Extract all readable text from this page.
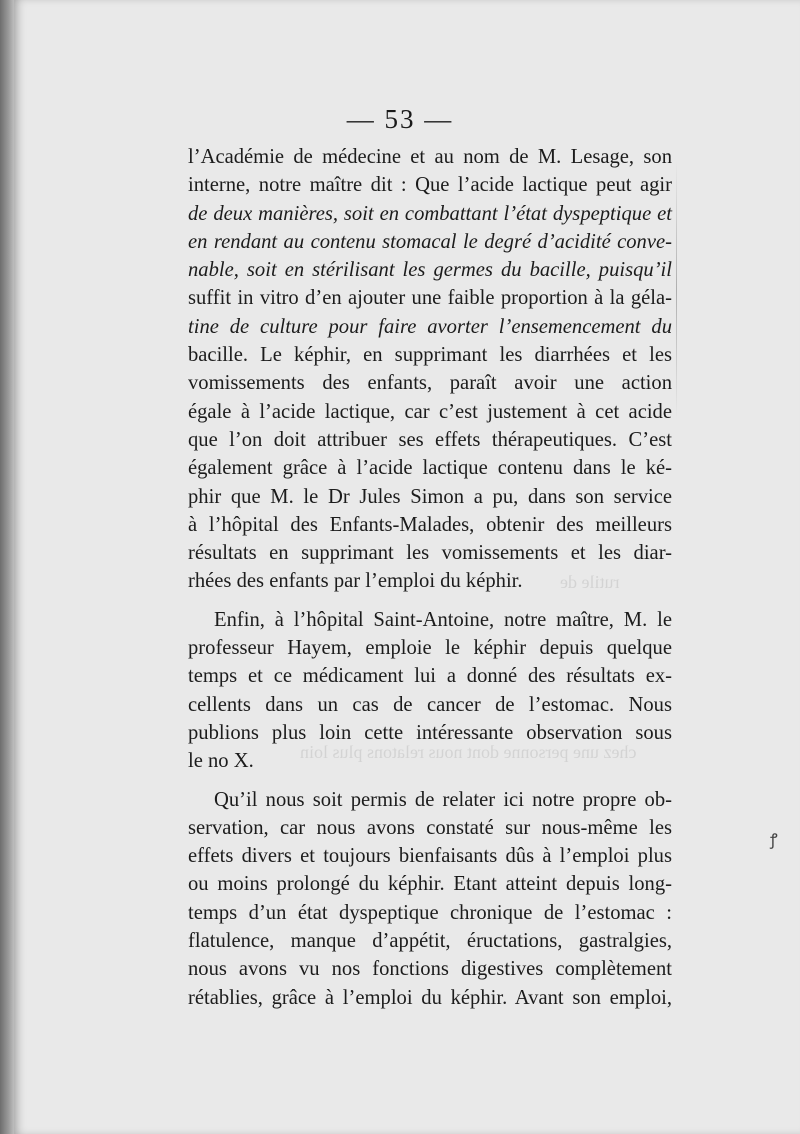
— 53 —
chez une personne dont nous relatons plus loin
rutile de
ꝭ

l’Académie de médecine et au nom de M. Lesage, son
interne, notre maître dit : Que l’acide lactique peut agir
de deux manières, soit en combattant l’état dyspeptique et
en rendant au contenu stomacal le degré d’acidité conve-
nable, soit en stérilisant les germes du bacille, puisqu’il
suffit in vitro d’en ajouter une faible proportion à la géla-
tine de culture pour faire avorter l’ensemencement du
bacille. Le képhir, en supprimant les diarrhées et les
vomissements des enfants, paraît avoir une action
égale à l’acide lactique, car c’est justement à cet acide
que l’on doit attribuer ses effets thérapeutiques. C’est
également grâce à l’acide lactique contenu dans le ké-
phir que M. le Dr Jules Simon a pu, dans son service
à l’hôpital des Enfants-Malades, obtenir des meilleurs
résultats en supprimant les vomissements et les diar-
rhées des enfants par l’emploi du képhir.

Enfin, à l’hôpital Saint-Antoine, notre maître, M. le
professeur Hayem, emploie le képhir depuis quelque
temps et ce médicament lui a donné des résultats ex-
cellents dans un cas de cancer de l’estomac. Nous
publions plus loin cette intéressante observation sous
le no X.

Qu’il nous soit permis de relater ici notre propre ob-
servation, car nous avons constaté sur nous-même les
effets divers et toujours bienfaisants dûs à l’emploi plus
ou moins prolongé du képhir. Etant atteint depuis long-
temps d’un état dyspeptique chronique de l’estomac :
flatulence, manque d’appétit, éructations, gastralgies,
nous avons vu nos fonctions digestives complètement
rétablies, grâce à l’emploi du képhir. Avant son emploi,
